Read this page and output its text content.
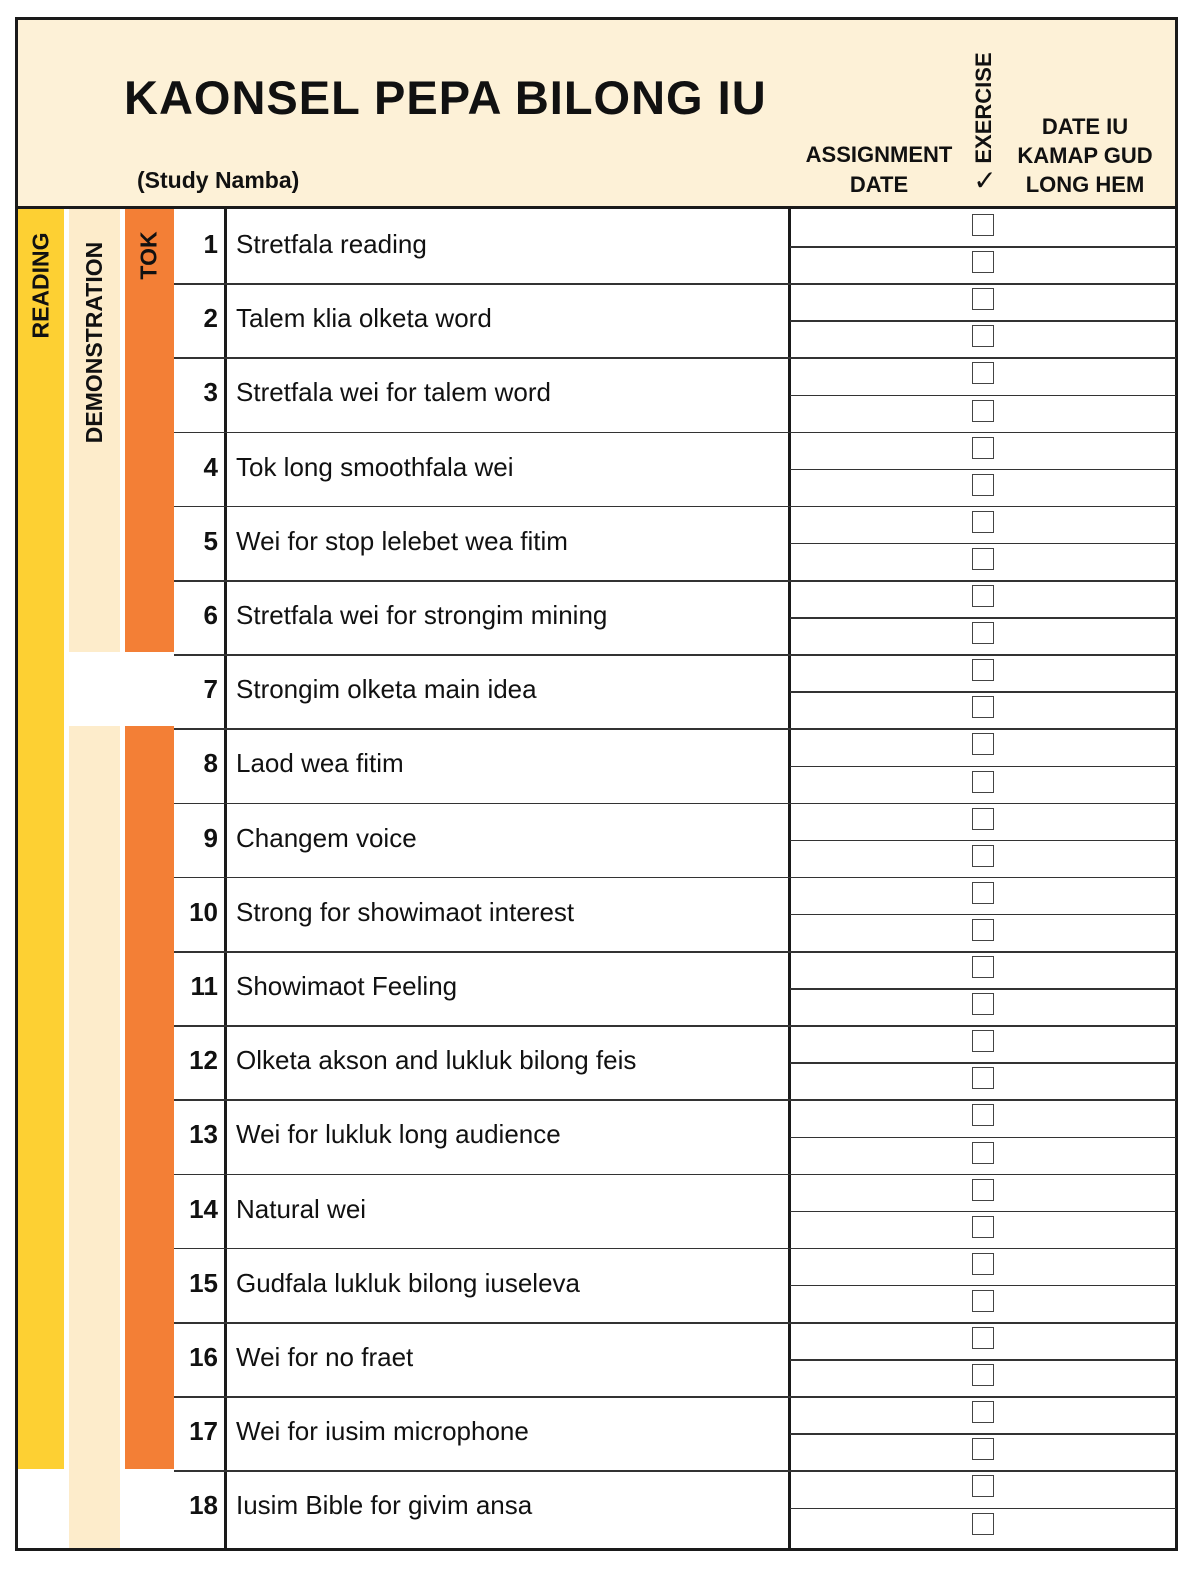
KAONSEL PEPA BILONG IU
(Study Namba)
ASSIGNMENT
DATE
EXERCISE
✓
DATE IU
KAMAP GUD
LONG HEM
READING DEMONSTRATION TOK	1 Stretfala reading
2 Talem klia olketa word
3 Stretfala wei for talem word
4 Tok long smoothfala wei
5 Wei for stop lelebet wea fitim
6 Stretfala wei for strongim mining
7 Strongim olketa main idea
8 Laod wea fitim
9 Changem voice
10 Strong for showimaot interest
11 Showimaot Feeling
12 Olketa akson and lukluk bilong feis
13 Wei for lukluk long audience
14 Natural wei
15 Gudfala lukluk bilong iuseleva
16 Wei for no fraet
17 Wei for iusim microphone
18 Iusim Bible for givim ansa
